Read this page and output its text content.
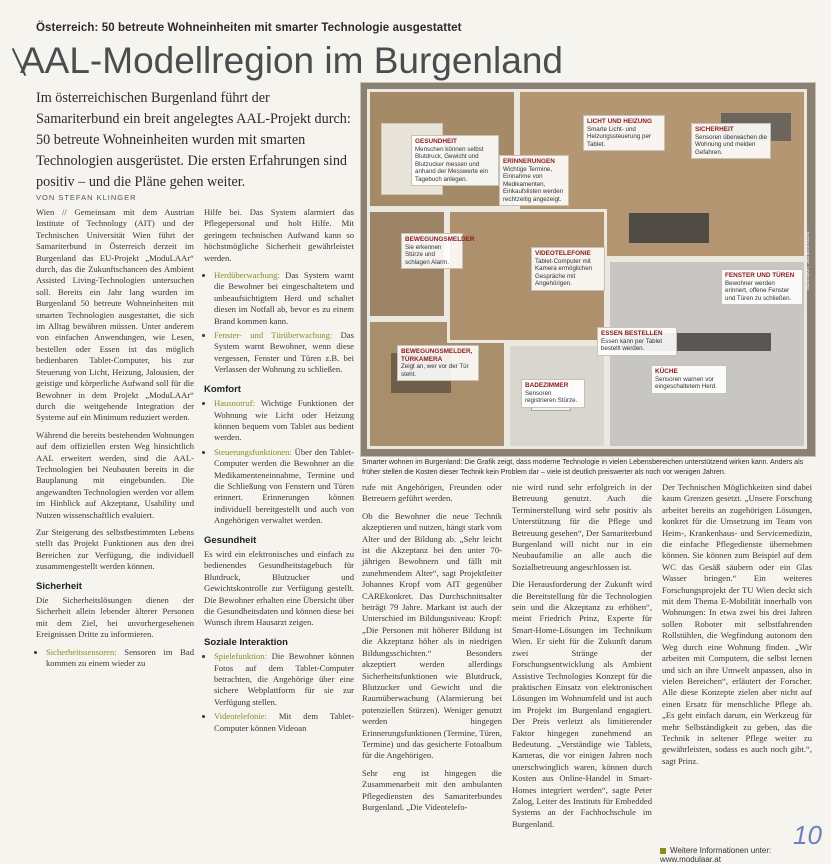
Österreich: 50 betreute Wohneinheiten mit smarter Technologie ausgestattet
AAL-Modellregion im Burgenland
Im österreichischen Burgenland führt der Samariterbund ein breit angelegtes AAL-Projekt durch: 50 betreute Wohneinheiten wurden mit smarten Technologien ausgerüstet. Die ersten Erfahrungen sind positiv – und die Pläne gehen weiter.
VON STEFAN KLINGER

Wien // Gemeinsam mit dem Austrian Institute of Technology (AIT) und der Technischen Universität Wien führt der Samariterbund in Österreich derzeit im Burgenland das EU-Projekt „ModuLAAr“ durch, das die Zukunftschancen des Ambient Assisted Living-Technologien untersuchen soll. Bereits ein Jahr lang wurden im Burgenland 50 betreute Wohneinheiten mit smarten Technologien ausgestattet, die sich im Alltag bewähren müssen. Unter anderem von einfachen Anwendungen, wie Lesen, bestellen oder Essen ist das möglich bedienbaren Tablet-Computer, bis zur Steuerung von Licht, Heizung, Jalousien, der geistige und körperliche Aufwand soll für die Bewohner in dem Projekt „ModuLAAr“ durch die weitgehende Integration der Systeme auf ein Minimum reduziert werden.

Während die bereits bestehenden Wohnungen auf dem offiziellen ersten Weg hinsichtlich AAL erweitert werden, sind die AAL-Technologien bei Neubauten bereits in die Bauplanung mit eingebunden. Die angewandten Technologien werden vor allem im Hinblick auf Akzeptanz, Usability und Nutzen wissenschaftlich evaluiert.

Zur Steigerung des selbstbestimmten Lebens stellt das Projekt Funktionen aus den drei Bereichen zur Verfügung, die individuell zusammengestellt werden können.

Sicherheit

Die Sicherheitslösungen dienen der Sicherheit allein lebender älterer Personen mit dem Ziel, bei unvorhergesehenen Ereignissen Dritte zu informieren.

• Sicherheitssensoren: Sensoren im Bad kommen zu einem wieder zu

Hilfe bei. Das System alarmiert das Pflegepersonal und holt Hilfe. Mit geringem technischen Aufwand kann so höchstmögliche Sicherheit gewährleistet werden.

• Herdüberwachung: Das System warnt die Bewohner bei eingeschaltetem und unbeaufsichtigtem Herd und schaltet diesen im Notfall ab, bevor es zu einem Brand kommen kann.
• Fenster- und Türüberwachung: Das System warnt Bewohner, wenn diese vergessen, Fenster und Türen z.B. bei Verlassen der Wohnung zu schließen.
Komfort
• Hausnotruf: Wichtige Funktionen der Wohnung wie Licht oder Heizung können bequem vom Tablet aus bedient werden.
• Steuerungsfunktionen: Über den Tablet-Computer werden die Bewohner an die Medikamenteneinnahme, Termine und die Schließung von Fenstern und Türen erinnert. Erinnerungen können individuell bereitgestellt und auch von Angehörigen verwaltet werden.
Gesundheit

Es wird ein elektronisches und einfach zu bedienendes Gesundheitstagebuch für Blutdruck, Blutzucker und Gewichtskontrolle zur Verfügung gestellt. Die Bewohner erhalten eine Übersicht über die Gesundheitsdaten und können diese bei Wunsch ihrem Hausarzt zeigen.

Soziale Interaktion
• Spielefunktion: Die Bewohner können Fotos auf dem Tablet-Computer betrachten, die Angehörige über eine sichere Webplattform für sie zur Verfügung stellen.
• Videotelefonie: Mit dem Tablet-Computer können Videoan
GESUNDHEIT
Menschen können selbst Blutdruck, Gewicht und Blutzucker messen und anhand der Messwerte ein Tagebuch anlegen.
ERINNERUNGEN
Wichtige Termine, Einnahme von Medikamenten, Einkaufslisten werden rechtzeitig angezeigt.
LICHT UND HEIZUNG
Smarte Licht- und Heizungssteuerung per Tablet.
SICHERHEIT
Sensoren überwachen die Wohnung und melden Gefahren.
BEWEGUNGSMELDER
Sie erkennen Stürze und schlagen Alarm.
VIDEOTELEFONIE
Tablet-Computer mit Kamera ermöglichen Gespräche mit Angehörigen.
FENSTER UND TÜREN
Bewohner werden erinnert, offene Fenster und Türen zu schließen.
ESSEN BESTELLEN
Essen kann per Tablet bestellt werden.
BEWEGUNGSMELDER, TÜRKAMERA
Zeigt an, wer vor der Tür steht.
BADEZIMMER
Sensoren registrieren Stürze.
KÜCHE
Sensoren warnen vor eingeschaltetem Herd.
Illustration: Samariterbund
Smarter wohnen im Burgenland: Die Grafik zeigt, dass moderne Technologie in vielen Lebensbereichen unterstützend wirken kann. Anders als früher stellen die Kosten dieser Technik kein Problem dar – viele ist deutlich preiswerter als noch vor wenigen Jahren.

rufe mit Angehörigen, Freunden oder Betreuern geführt werden.

Ob die Bewohner die neue Technik akzeptieren und nutzen, hängt stark vom Alter und der Bildung ab. „Sehr leicht ist die Akzeptanz bei den unter 70-jährigen Bewohnern und fällt mit zunehmendem Alter“, sagt Projektleiter Johannes Kropf vom AIT gegenüber CAREkonkret. Das Durchschnittsalter beträgt 79 Jahre. Markant ist auch der Unterschied im Bildungsniveau: Kropf: „Die Personen mit höherer Bildung ist die Akzeptanz höher als in niedrigen Bildungsschichten.“ Besonders akzeptiert werden allerdings Sicherheitsfunktionen wie Blutdruck, Blutzucker und Gewicht und die Raumüberwachung (Alarmierung bei potenziellen Stürzen). Weniger genutzt werden hingegen Erinnerungsfunktionen (Termine, Türen, Termine) und das gesicherte Fotoalbum für die Angehörigen.

Sehr eng ist hingegen die Zusammenarbeit mit den ambulanten Pflegediensten des Samariterbundes Burgenland. „Die Videotelefo-

nie wird rund sehr erfolgreich in der Betreuung genutzt. Auch die Terminerstellung wird sehr positiv als Unterstützung für die Pflege und Betreuung gesehen“, Der Samariterbund Burgenland will nicht nur in ein Neubaufamilie an alle auch die Sozialbetreuung angeschlossen ist.

Die Herausforderung der Zukunft wird die Bereitstellung für die Technologien sein und die Akzeptanz zu erhöhen“, meint Friedrich Prinz, Experte für Smart-Home-Lösungen im Technikum Wien. Er sieht für die Zukunft darum zwei Stränge der Forschungsentwicklung als Ambient Assistive Technologies Konzept für die praktischen Einsatz von elektronischen Lösungen im Wohnumfeld und ist auch im Projekt im Burgenland engagiert. Der Preis verletzt als limitierender Faktor hingegen zunehmend an Bedeutung. „Verständige wie Tablets, Kameras, die vor einigen Jahren noch unerschwinglich waren, können durch Kosten aus Online-Handel in Smart-Homes integriert werden“, sagte Peter Zalog, Leiter des Instituts für Embedded Systems an der Fachhochschule im Burgenland.

Der Technischen Möglichkeiten sind dabei kaum Grenzen gesetzt. „Unsere Forschung arbeitet bereits an zugehörigen Lösungen, konkret für die Umsetzung im Team von Heim-, Krankenhaus- und Servicemedizin, die einfache Pflegedienste übernehmen können. Sie können zum Beispiel auf dem WC das Gesäß säubern oder ein Glas Wasser bringen.“ Ein weiteres Forschungsprojekt der TU Wien deckt sich mit dem Thema E-Mobilität innerhalb von Wohnungen: In etwa zwei bis drei Jahren sollen Roboter mit selbstfahrenden Rollstühlen, die Wegfindung autonom den Weg durch eine Wohnung finden. „Wir arbeiten mit Computern, die selbst lernen und sich an ihre Umwelt anpassen, also in vielen Bereichen“, erläutert der Forscher. Alle diese Konzepte zielen aber nicht auf einen Ersatz für menschliche Pflege ab. „Es geht einfach darum, ein Werkzeug für mehr Selbständigkeit zu geben, das die Technik in seltener Pflege weiter zu gewährleisten, sodass es auch noch gibt.“, sagt Prinz.

10
Weitere Informationen unter: www.modulaar.at
